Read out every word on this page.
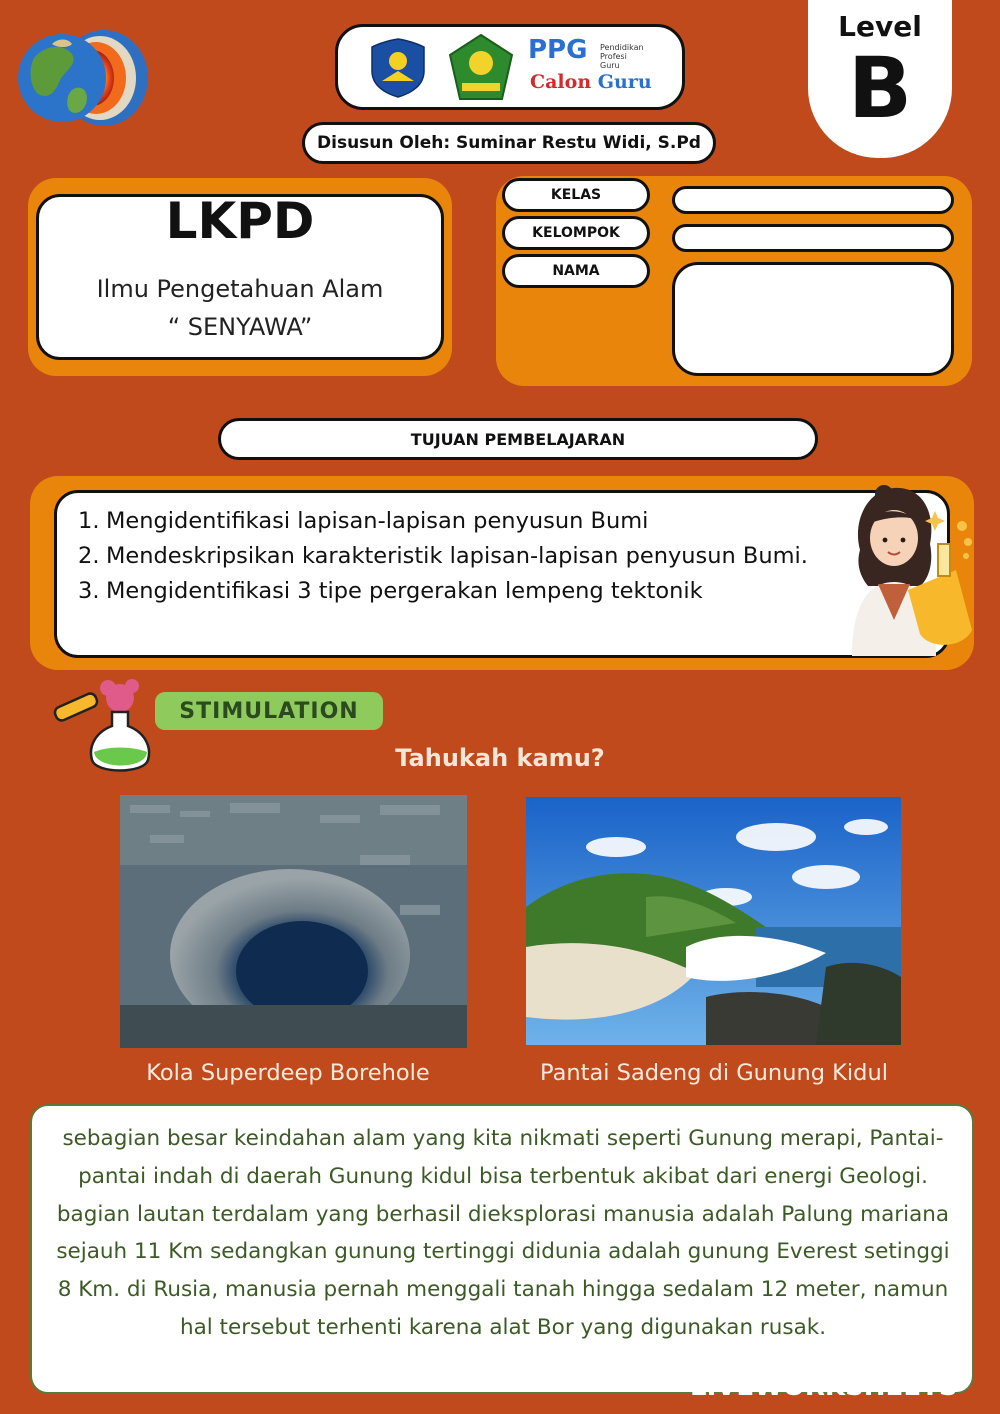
PPG Pendidikan
Profesi
Guru
Calon Guru
Disusun Oleh: Suminar Restu Widi, S.Pd
Level
B
LKPD
Ilmu Pengetahuan Alam
“ SENYAWA”
KELAS
KELOMPOK
NAMA
TUJUAN PEMBELAJARAN
1. Mengidentifikasi lapisan-lapisan penyusun Bumi
2. Mendeskripsikan karakteristik lapisan-lapisan penyusun Bumi.
3. Mengidentifikasi 3 tipe pergerakan lempeng tektonik
STIMULATION
Tahukah kamu?
Kola Superdeep Borehole	Pantai Sadeng di Gunung Kidul
sebagian besar keindahan alam yang kita nikmati seperti Gunung merapi, Pantai-pantai indah di daerah Gunung kidul bisa terbentuk akibat dari energi Geologi. bagian lautan terdalam yang berhasil dieksplorasi manusia adalah Palung mariana sejauh 11 Km sedangkan gunung tertinggi didunia adalah gunung Everest setinggi 8 Km. di Rusia, manusia pernah menggali tanah hingga sedalam 12 meter, namun hal tersebut terhenti karena alat Bor yang digunakan rusak.
LIVEWORKSHEETS
